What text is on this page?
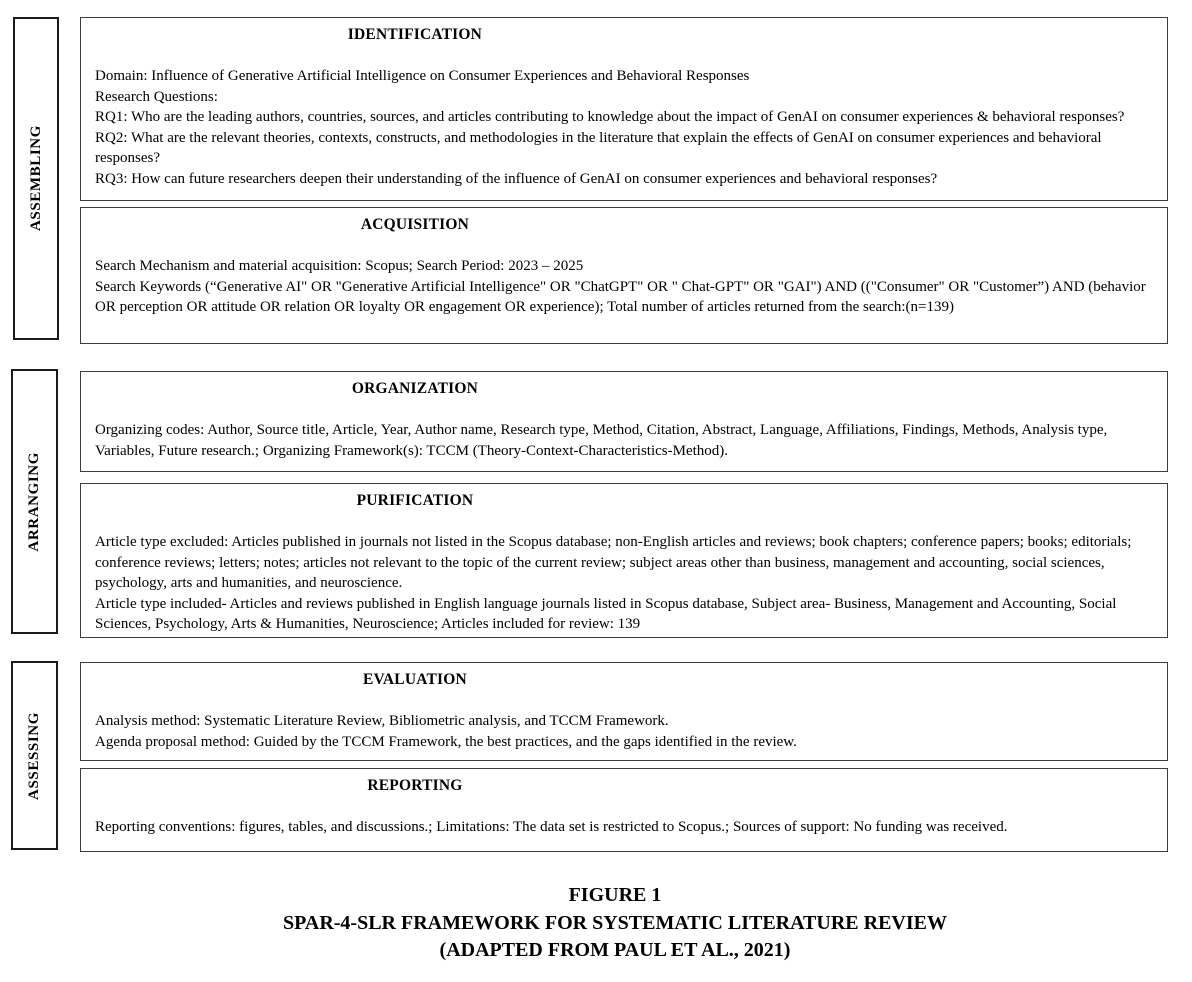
ASSEMBLING
ARRANGING
ASSESSING
IDENTIFICATION

Domain: Influence of Generative Artificial Intelligence on Consumer Experiences and Behavioral Responses

Research Questions:

RQ1: Who are the leading authors, countries, sources, and articles contributing to knowledge about the impact of GenAI on consumer experiences & behavioral responses?

RQ2: What are the relevant theories, contexts, constructs, and methodologies in the literature that explain the effects of GenAI on consumer experiences and behavioral responses?

RQ3: How can future researchers deepen their understanding of the influence of GenAI on consumer experiences and behavioral responses?

ACQUISITION

Search Mechanism and material acquisition: Scopus; Search Period: 2023 – 2025

Search Keywords (“Generative AI" OR "Generative Artificial Intelligence" OR "ChatGPT" OR " Chat-GPT" OR "GAI") AND (("Consumer" OR "Customer”) AND (behavior OR perception OR attitude OR relation OR loyalty OR engagement OR experience); Total number of articles returned from the search:(n=139)

ORGANIZATION

Organizing codes: Author, Source title, Article, Year, Author name, Research type, Method, Citation, Abstract, Language, Affiliations, Findings, Methods, Analysis type, Variables, Future research.; Organizing Framework(s): TCCM (Theory-Context-Characteristics-Method).

PURIFICATION

Article type excluded: Articles published in journals not listed in the Scopus database; non-English articles and reviews; book chapters; conference papers; books; editorials; conference reviews; letters; notes; articles not relevant to the topic of the current review; subject areas other than business, management and accounting, social sciences, psychology, arts and humanities, and neuroscience.

Article type included- Articles and reviews published in English language journals listed in Scopus database, Subject area- Business, Management and Accounting, Social Sciences, Psychology, Arts & Humanities, Neuroscience; Articles included for review: 139

EVALUATION

Analysis method: Systematic Literature Review, Bibliometric analysis, and TCCM Framework.

Agenda proposal method: Guided by the TCCM Framework, the best practices, and the gaps identified in the review.

REPORTING

Reporting conventions: figures, tables, and discussions.; Limitations: The data set is restricted to Scopus.; Sources of support: No funding was received.

FIGURE 1
SPAR-4-SLR FRAMEWORK FOR SYSTEMATIC LITERATURE REVIEW
(ADAPTED FROM PAUL ET AL., 2021)
